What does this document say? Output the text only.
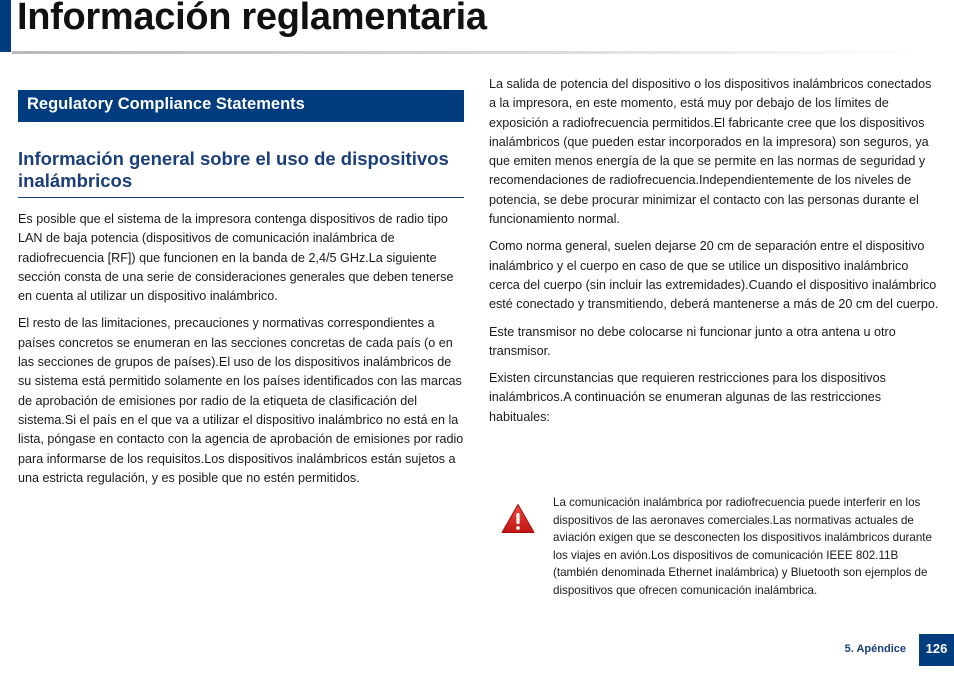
Información reglamentaria
Regulatory Compliance Statements
Información general sobre el uso de dispositivos inalámbricos

Es posible que el sistema de la impresora contenga dispositivos de radio tipo LAN de baja potencia (dispositivos de comunicación inalámbrica de radiofrecuencia [RF]) que funcionen en la banda de 2,4/5 GHz.La siguiente sección consta de una serie de consideraciones generales que deben tenerse en cuenta al utilizar un dispositivo inalámbrico.

El resto de las limitaciones, precauciones y normativas correspondientes a países concretos se enumeran en las secciones concretas de cada país (o en las secciones de grupos de países).El uso de los dispositivos inalámbricos de su sistema está permitido solamente en los países identificados con las marcas de aprobación de emisiones por radio de la etiqueta de clasificación del sistema.Si el país en el que va a utilizar el dispositivo inalámbrico no está en la lista, póngase en contacto con la agencia de aprobación de emisiones por radio para informarse de los requisitos.Los dispositivos inalámbricos están sujetos a una estricta regulación, y es posible que no estén permitidos.

La salida de potencia del dispositivo o los dispositivos inalámbricos conectados a la impresora, en este momento, está muy por debajo de los límites de exposición a radiofrecuencia permitidos.El fabricante cree que los dispositivos inalámbricos (que pueden estar incorporados en la impresora) son seguros, ya que emiten menos energía de la que se permite en las normas de seguridad y recomendaciones de radiofrecuencia.Independientemente de los niveles de potencia, se debe procurar minimizar el contacto con las personas durante el funcionamiento normal.

Como norma general, suelen dejarse 20 cm de separación entre el dispositivo inalámbrico y el cuerpo en caso de que se utilice un dispositivo inalámbrico cerca del cuerpo (sin incluir las extremidades).Cuando el dispositivo inalámbrico esté conectado y transmitiendo, deberá mantenerse a más de 20 cm del cuerpo.

Este transmisor no debe colocarse ni funcionar junto a otra antena u otro transmisor.

Existen circunstancias que requieren restricciones para los dispositivos inalámbricos.A continuación se enumeran algunas de las restricciones habituales:

La comunicación inalámbrica por radiofrecuencia puede interferir en los dispositivos de las aeronaves comerciales.Las normativas actuales de aviación exigen que se desconecten los dispositivos inalámbricos durante los viajes en avión.Los dispositivos de comunicación IEEE 802.11B (también denominada Ethernet inalámbrica) y Bluetooth son ejemplos de dispositivos que ofrecen comunicación inalámbrica.

5. Apéndice	126
